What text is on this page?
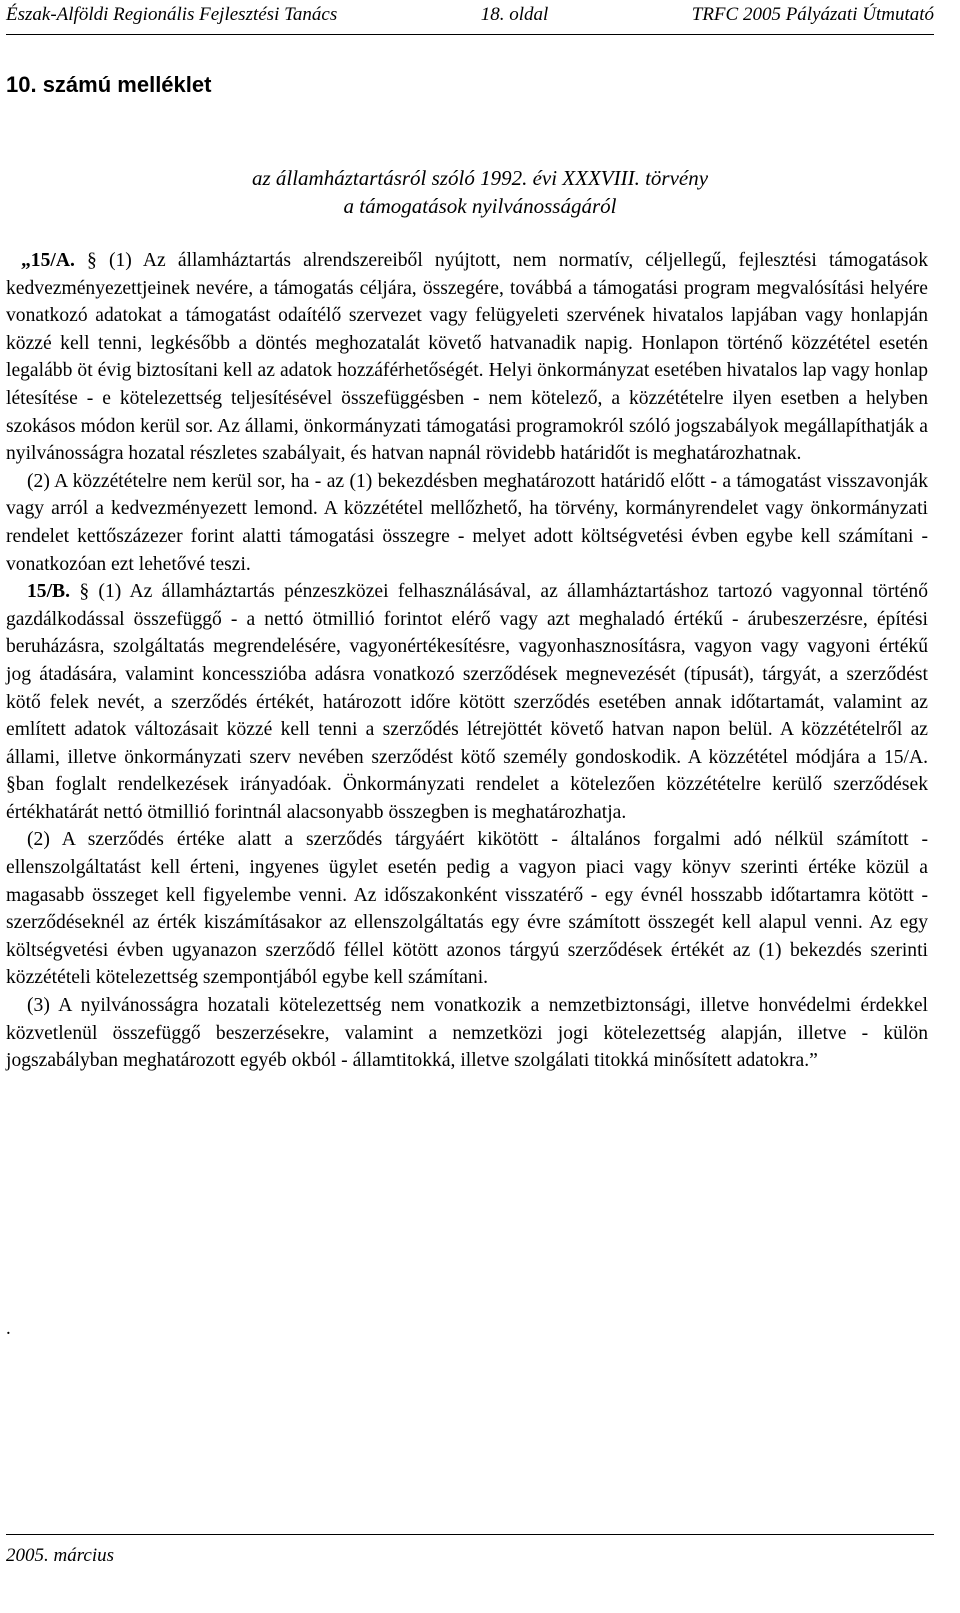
Észak-Alföldi Regionális Fejlesztési Tanács	18. oldal	TRFC 2005 Pályázati Útmutató
10. számú melléklet
az államháztartásról szóló 1992. évi XXXVIII. törvény
a támogatások nyilvánosságáról

„15/A. § (1) Az államháztartás alrendszereiből nyújtott, nem normatív, céljellegű, fejlesztési támogatások kedvezményezettjeinek nevére, a támogatás céljára, összegére, továbbá a támogatási program megvalósítási helyére vonatkozó adatokat a támogatást odaítélő szervezet vagy felügyeleti szervének hivatalos lapjában vagy honlapján közzé kell tenni, legkésőbb a döntés meghozatalát követő hatvanadik napig. Honlapon történő közzététel esetén legalább öt évig biztosítani kell az adatok hozzáférhetőségét. Helyi önkormányzat esetében hivatalos lap vagy honlap létesítése - e kötelezettség teljesítésével összefüggésben - nem kötelező, a közzétételre ilyen esetben a helyben szokásos módon kerül sor. Az állami, önkormányzati támogatási programokról szóló jogszabályok megállapíthatják a nyilvánosságra hozatal részletes szabályait, és hatvan napnál rövidebb határidőt is meghatározhatnak.

(2) A közzétételre nem kerül sor, ha - az (1) bekezdésben meghatározott határidő előtt - a támogatást visszavonják vagy arról a kedvezményezett lemond. A közzététel mellőzhető, ha törvény, kormányrendelet vagy önkormányzati rendelet kettőszázezer forint alatti támogatási összegre - melyet adott költségvetési évben egybe kell számítani - vonatkozóan ezt lehetővé teszi.

15/B. § (1) Az államháztartás pénzeszközei felhasználásával, az államháztartáshoz tartozó vagyonnal történő gazdálkodással összefüggő - a nettó ötmillió forintot elérő vagy azt meghaladó értékű - árubeszerzésre, építési beruházásra, szolgáltatás megrendelésére, vagyonértékesítésre, vagyonhasznosításra, vagyon vagy vagyoni értékű jog átadására, valamint koncesszióba adásra vonatkozó szerződések megnevezését (típusát), tárgyát, a szerződést kötő felek nevét, a szerződés értékét, határozott időre kötött szerződés esetében annak időtartamát, valamint az említett adatok változásait közzé kell tenni a szerződés létrejöttét követő hatvan napon belül. A közzétételről az állami, illetve önkormányzati szerv nevében szerződést kötő személy gondoskodik. A közzététel módjára a 15/A. §ban foglalt rendelkezések irányadóak. Önkormányzati rendelet a kötelezően közzétételre kerülő szerződések értékhatárát nettó ötmillió forintnál alacsonyabb összegben is meghatározhatja.

(2) A szerződés értéke alatt a szerződés tárgyáért kikötött - általános forgalmi adó nélkül számított - ellenszolgáltatást kell érteni, ingyenes ügylet esetén pedig a vagyon piaci vagy könyv szerinti értéke közül a magasabb összeget kell figyelembe venni. Az időszakonként visszatérő - egy évnél hosszabb időtartamra kötött - szerződéseknél az érték kiszámításakor az ellenszolgáltatás egy évre számított összegét kell alapul venni. Az egy költségvetési évben ugyanazon szerződő féllel kötött azonos tárgyú szerződések értékét az (1) bekezdés szerinti közzétételi kötelezettség szempontjából egybe kell számítani.

(3) A nyilvánosságra hozatali kötelezettség nem vonatkozik a nemzetbiztonsági, illetve honvédelmi érdekkel közvetlenül összefüggő beszerzésekre, valamint a nemzetközi jogi kötelezettség alapján, illetve - külön jogszabályban meghatározott egyéb okból - államtitokká, illetve szolgálati titokká minősített adatokra.”

.
2005. március
